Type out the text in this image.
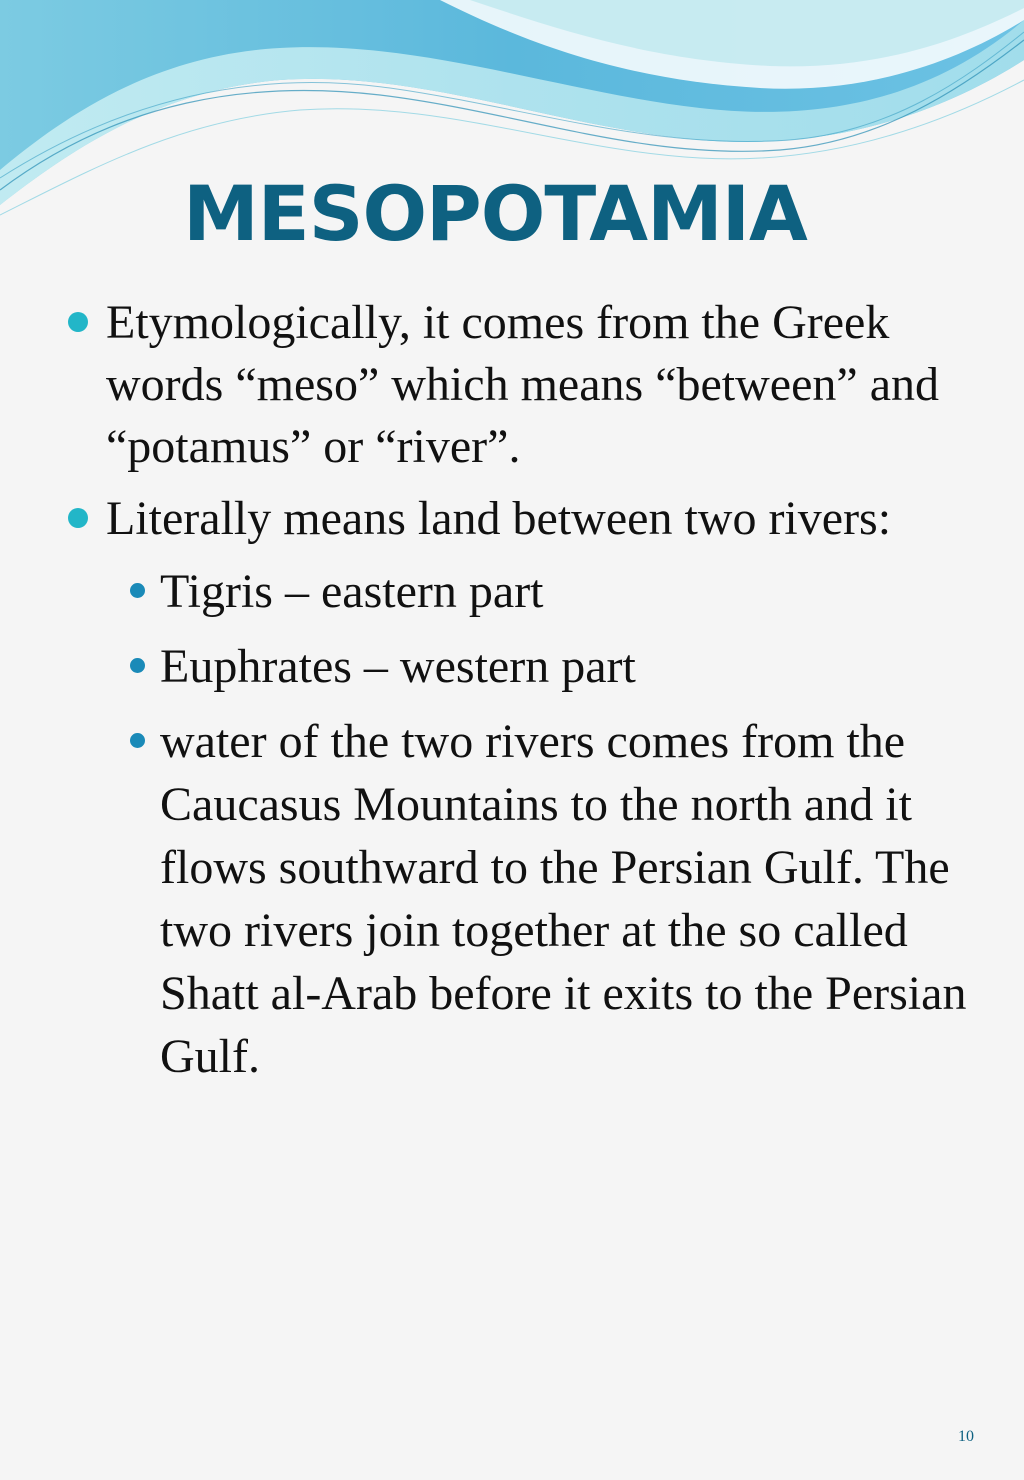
MESOPOTAMIA
Etymologically, it comes from the Greek words “meso” which means “between” and “potamus” or “river”.
Literally means land between two rivers:
Tigris – eastern part
Euphrates – western part
water of the two rivers comes from the Caucasus Mountains to the north and it flows southward to the Persian Gulf. The two rivers join together at the so called Shatt al-Arab before it exits to the Persian Gulf.
10
